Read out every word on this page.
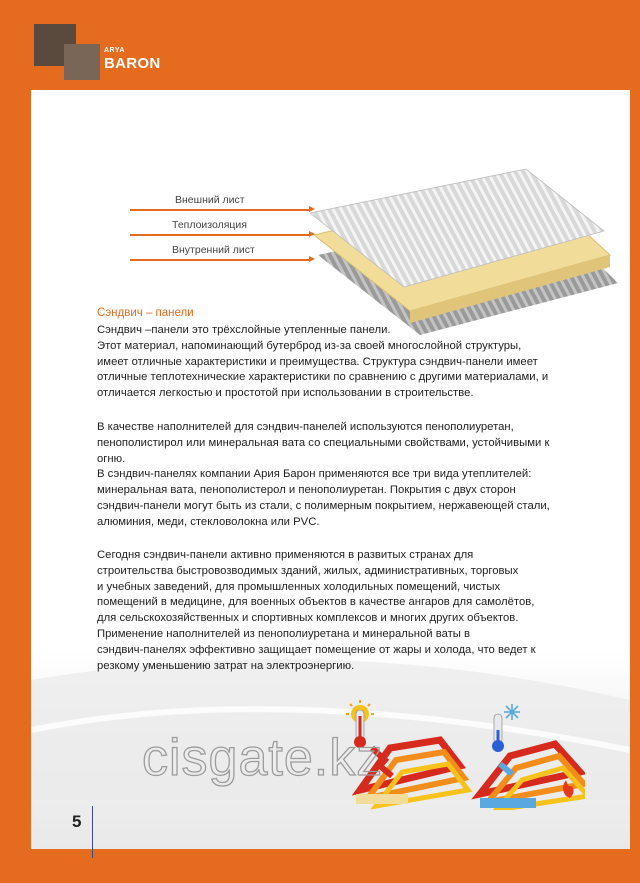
ARYA
BARON
Внешний лист
Теплоизоляция
Внутренний лист
Сэндвич – панели
Сэндвич –панели это трёхслойные утепленные панели.
Этот материал, напоминающий бутерброд из-за своей многослойной структуры,
имеет отличные характеристики и преимущества. Структура сэндвич-панели имеет
отличные теплотехнические характеристики по сравнению с другими материалами, и
отличается легкостью и простотой при использовании в строительстве.
В качестве наполнителей для сэндвич-панелей используются пенополиуретан,
пенополистирол или минеральная вата со специальными свойствами, устойчивыми к
огню.
В сэндвич-панелях компании Ария Барон применяются все три вида утеплителей:
минеральная вата, пенополистерол и пенополиуретан. Покрытия с двух сторон
сэндвич-панели могут быть из стали, с полимерным покрытием, нержавеющей стали,
алюминия, меди, стекловолокна или PVC.
Сегодня сэндвич-панели активно применяются в развитых странах для
строительства быстровозводимых зданий, жилых, административных, торговых
и учебных заведений, для промышленных холодильных помещений, чистых
помещений в медицине, для военных объектов в качестве ангаров для самолётов,
для сельскохозяйственных и спортивных комплексов и многих других объектов.
Применение наполнителей из пенополиуретана и минеральной ваты в
сэндвич-панелях эффективно защищает помещение от жары и холода, что ведет к
резкому уменьшению затрат на электроэнергию.
cisgate.kz
5
